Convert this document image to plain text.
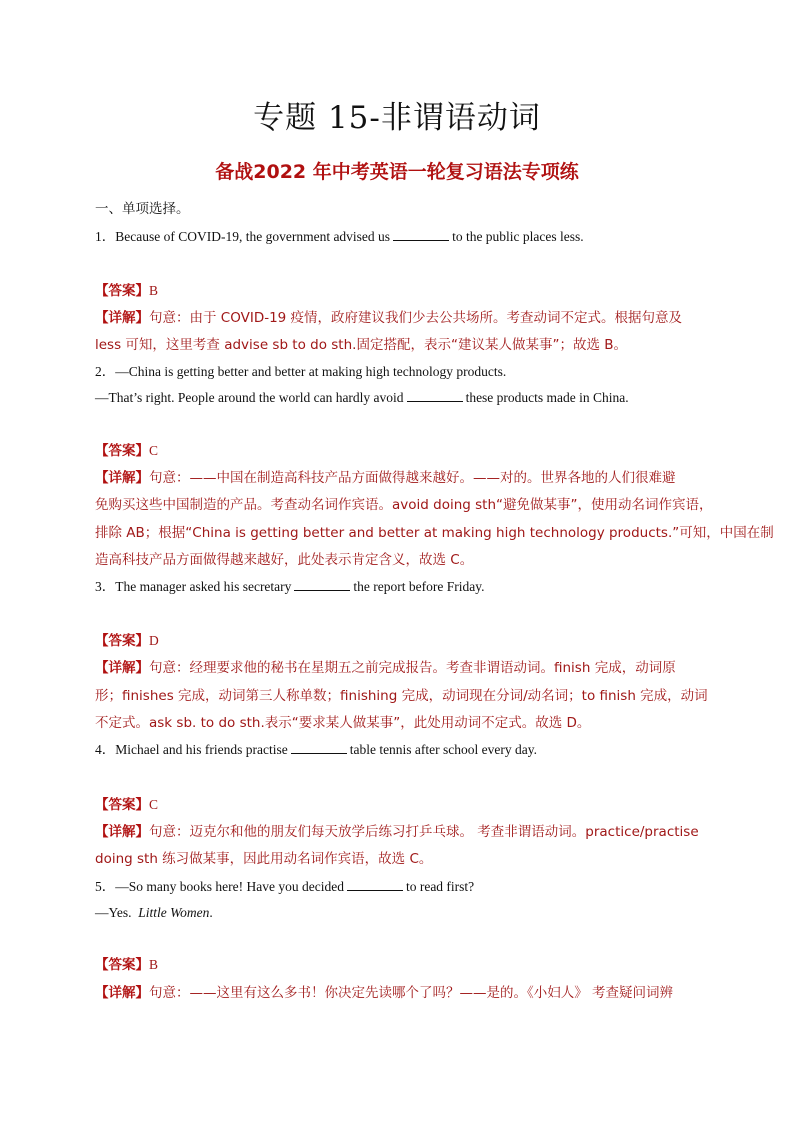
专题 15-非谓语动词
备战2022 年中考英语一轮复习语法专项练
一、单项选择。
1．Because of COVID-19, the government advised us	to the public places less.
【答案】B
【详解】句意：由于 COVID-19 疫情，政府建议我们少去公共场所。考查动词不定式。根据句意及
less 可知，这里考查 advise sb to do sth.固定搭配，表示“建议某人做某事”；故选 B。
2．—China is getting better and better at making high technology products.
—That’s right. People around the world can hardly avoid	these products made in China.
【答案】C
【详解】句意：——中国在制造高科技产品方面做得越来越好。——对的。世界各地的人们很难避
免购买这些中国制造的产品。考查动名词作宾语。avoid doing sth“避免做某事”，使用动名词作宾语，
排除 AB；根据“China is getting better and better at making high technology products.”可知，中国在制
造高科技产品方面做得越来越好，此处表示肯定含义，故选 C。
3．The manager asked his secretary	the report before Friday.
【答案】D
【详解】句意：经理要求他的秘书在星期五之前完成报告。考查非谓语动词。finish 完成，动词原
形；finishes 完成，动词第三人称单数；finishing 完成，动词现在分词/动名词；to finish 完成，动词
不定式。ask sb. to do sth.表示“要求某人做某事”，此处用动词不定式。故选 D。
4．Michael and his friends practise	table tennis after school every day.
【答案】C
【详解】句意：迈克尔和他的朋友们每天放学后练习打乒乓球。 考查非谓语动词。practice/practise
doing sth 练习做某事，因此用动名词作宾语，故选 C。
5．—So many books here! Have you decided	to read first?
—Yes. Little Women.
【答案】B
【详解】句意：——这里有这么多书！你决定先读哪个了吗？——是的。《小妇人》 考查疑问词辨
